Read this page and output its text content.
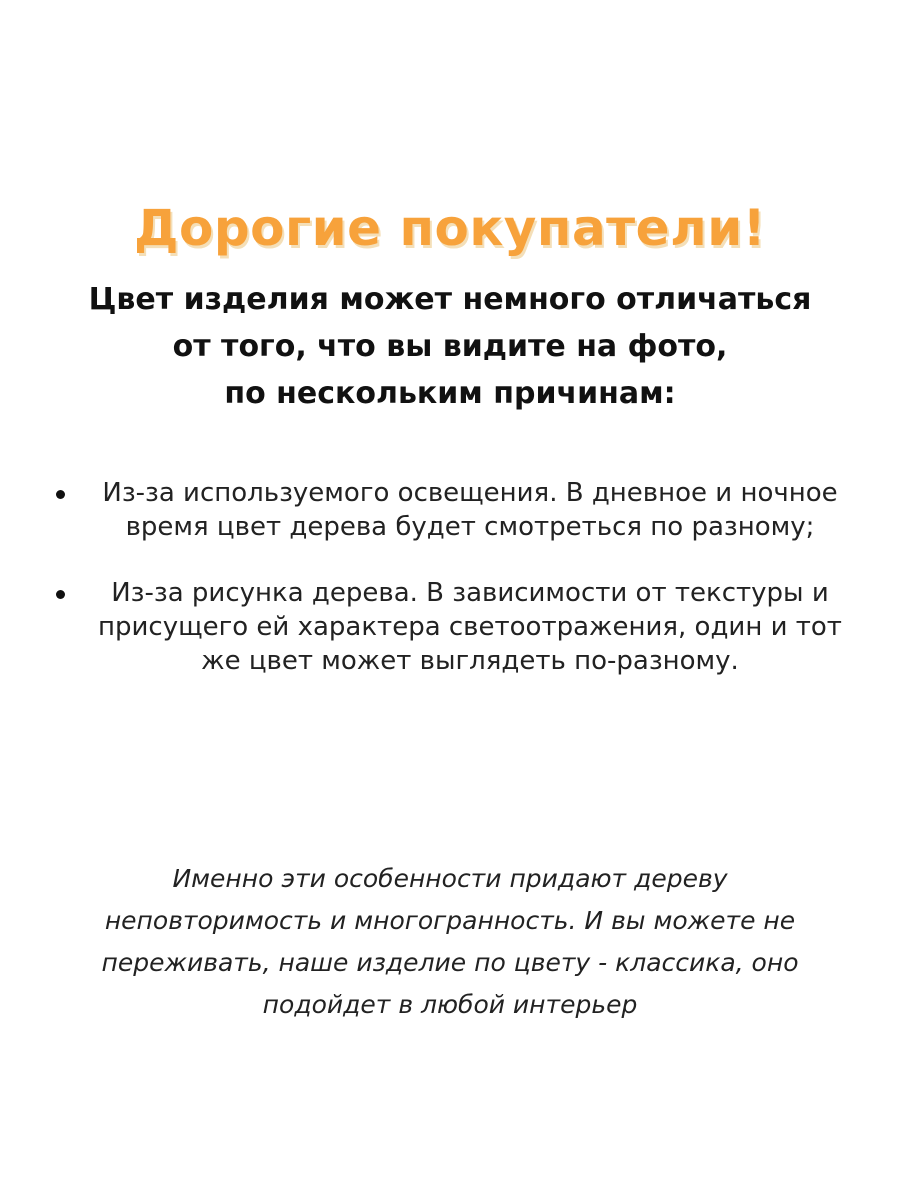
Дорогие покупатели!
Цвет изделия может немного отличаться
от того, что вы видите на фото,
по нескольким причинам:
Из-за используемого освещения. В дневное и ночное
время цвет дерева будет смотреться по разному;
Из-за рисунка дерева. В зависимости от текстуры и
присущего ей характера светоотражения, один и тот
же цвет может выглядеть по-разному.
Именно эти особенности придают дереву
неповторимость и многогранность. И вы можете не
переживать, наше изделие по цвету - классика, оно
подойдет в любой интерьер
